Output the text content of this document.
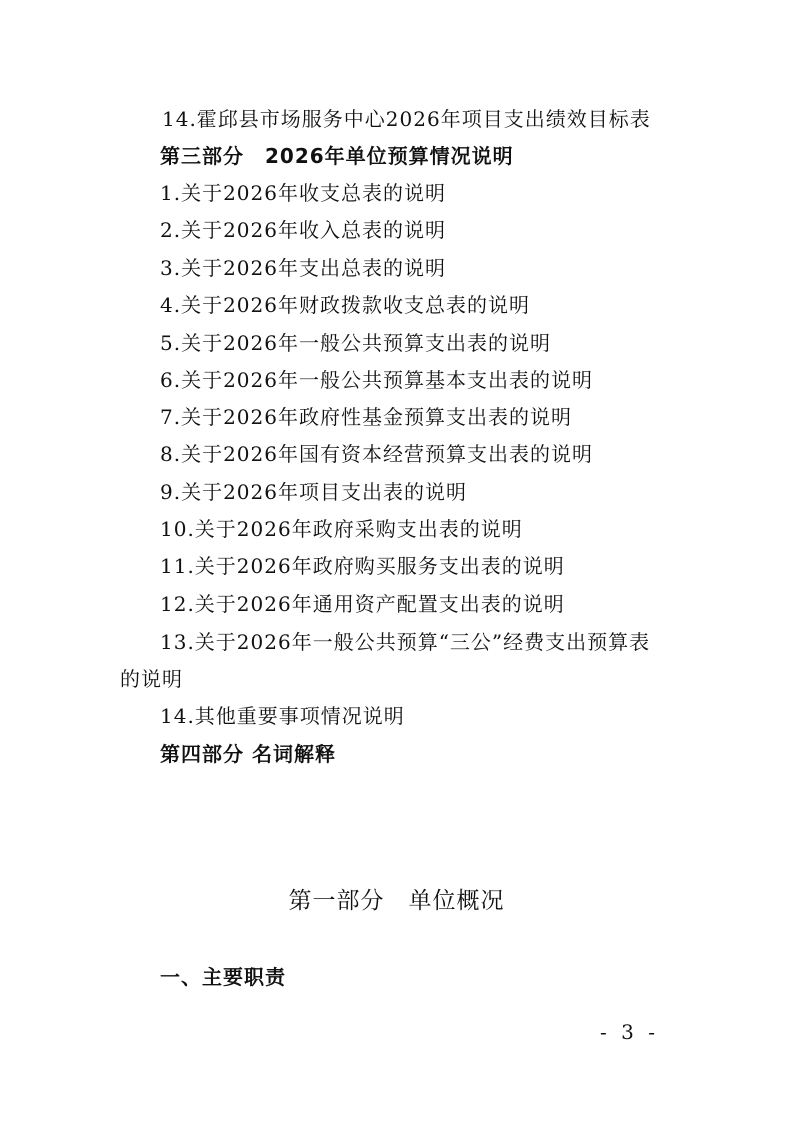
14.霍邱县市场服务中心2026年项目支出绩效目标表
第三部分　2026年单位预算情况说明
1.关于2026年收支总表的说明
2.关于2026年收入总表的说明
3.关于2026年支出总表的说明
4.关于2026年财政拨款收支总表的说明
5.关于2026年一般公共预算支出表的说明
6.关于2026年一般公共预算基本支出表的说明
7.关于2026年政府性基金预算支出表的说明
8.关于2026年国有资本经营预算支出表的说明
9.关于2026年项目支出表的说明
10.关于2026年政府采购支出表的说明
11.关于2026年政府购买服务支出表的说明
12.关于2026年通用资产配置支出表的说明
13.关于2026年一般公共预算“三公”经费支出预算表
的说明
14.其他重要事项情况说明
第四部分 名词解释
第一部分　单位概况
一、主要职责
- 3 -
